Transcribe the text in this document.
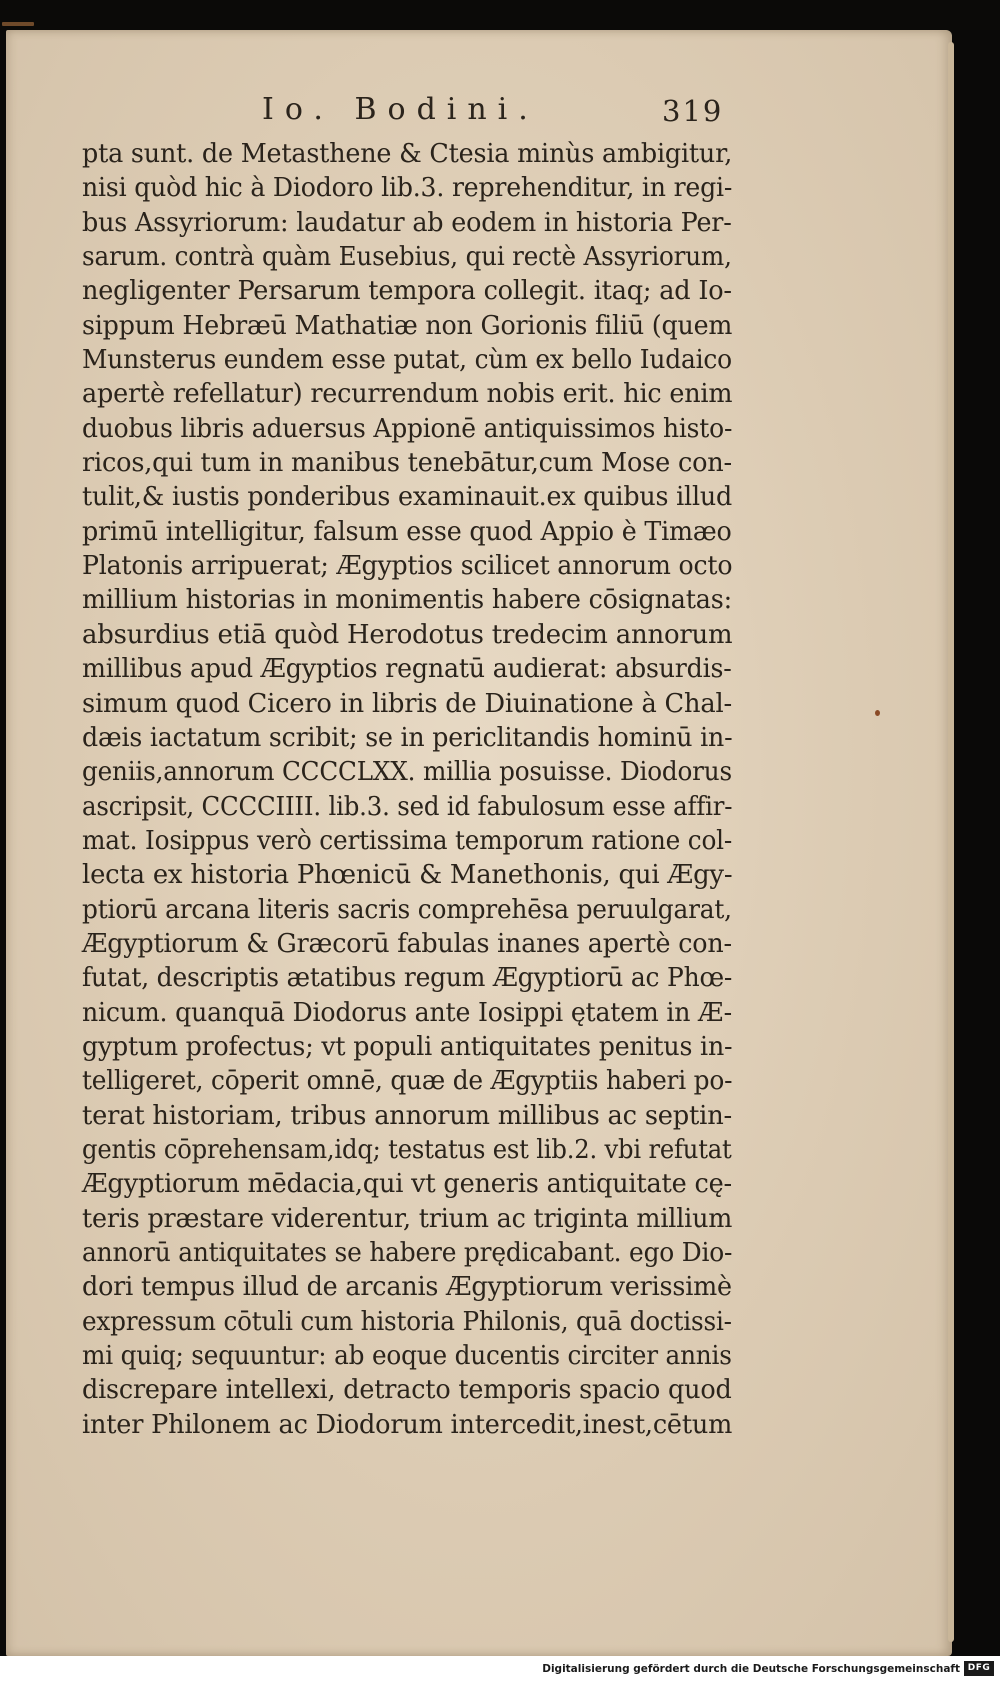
Io. Bodini.	319
pta sunt. de Metasthene & Ctesia minùs ambigitur,
nisi quòd hic à Diodoro lib.3. reprehenditur, in regi-
bus Assyriorum: laudatur ab eodem in historia Per-
sarum. contrà quàm Eusebius, qui rectè Assyriorum,
negligenter Persarum tempora collegit. itaq; ad Io-
sippum Hebræū Mathatiæ non Gorionis filiū (quem
Munsterus eundem esse putat, cùm ex bello Iudaico
apertè refellatur) recurrendum nobis erit. hic enim
duobus libris aduersus Appionē antiquissimos histo-
ricos,qui tum in manibus tenebātur,cum Mose con-
tulit,& iustis ponderibus examinauit.ex quibus illud
primū intelligitur, falsum esse quod Appio è Timæo
Platonis arripuerat; Ægyptios scilicet annorum octo
millium historias in monimentis habere cōsignatas:
absurdius etiā quòd Herodotus tredecim annorum
millibus apud Ægyptios regnatū audierat: absurdis-
simum quod Cicero in libris de Diuinatione à Chal-
dæis iactatum scribit; se in periclitandis hominū in-
geniis,annorum CCCCLXX. millia posuisse. Diodorus
ascripsit, CCCCIIII. lib.3. sed id fabulosum esse affir-
mat. Iosippus verò certissima temporum ratione col-
lecta ex historia Phœnicū & Manethonis, qui Ægy-
ptiorū arcana literis sacris comprehēsa peruulgarat,
Ægyptiorum & Græcorū fabulas inanes apertè con-
futat, descriptis ætatibus regum Ægyptiorū ac Phœ-
nicum. quanquā Diodorus ante Iosippi ętatem in Æ-
gyptum profectus; vt populi antiquitates penitus in-
telligeret, cōperit omnē, quæ de Ægyptiis haberi po-
terat historiam, tribus annorum millibus ac septin-
gentis cōprehensam,idq; testatus est lib.2. vbi refutat
Ægyptiorum mēdacia,qui vt generis antiquitate cę-
teris præstare viderentur, trium ac triginta millium
annorū antiquitates se habere prędicabant. ego Dio-
dori tempus illud de arcanis Ægyptiorum verissimè
expressum cōtuli cum historia Philonis, quā doctissi-
mi quiq; sequuntur: ab eoque ducentis circiter annis
discrepare intellexi, detracto temporis spacio quod
inter Philonem ac Diodorum intercedit,inest,cētum
Digitalisierung gefördert durch die Deutsche Forschungsgemeinschaft DFG
